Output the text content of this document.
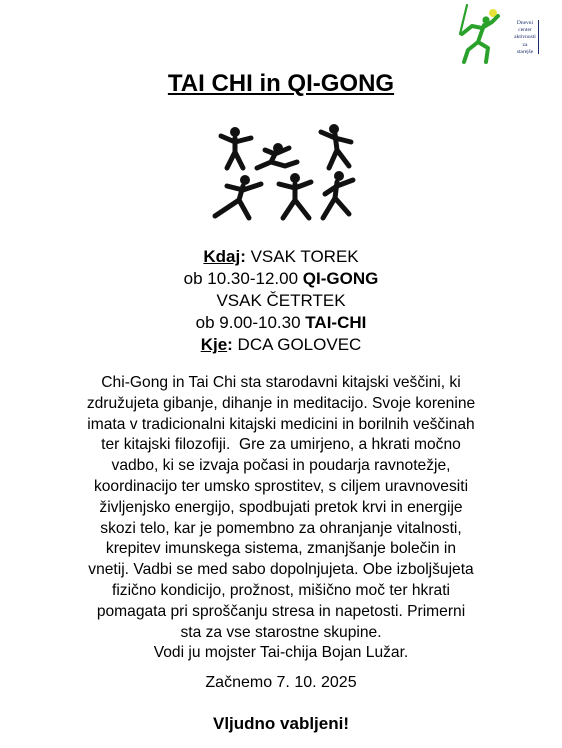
Dnevni
center
aktivnosti
za
starejše
TAI CHI in QI-GONG
Kdaj: VSAK TOREK
ob 10.30-12.00 QI-GONG
VSAK ČETRTEK
ob 9.00-10.30 TAI-CHI
Kje: DCA GOLOVEC
Chi-Gong in Tai Chi sta starodavni kitajski veščini, ki
združujeta gibanje, dihanje in meditacijo. Svoje korenine
imata v tradicionalni kitajski medicini in borilnih veščinah
ter kitajski filozofiji.  Gre za umirjeno, a hkrati močno
vadbo, ki se izvaja počasi in poudarja ravnotežje,
koordinacijo ter umsko sprostitev, s ciljem uravnovesiti
življenjsko energijo, spodbujati pretok krvi in energije
skozi telo, kar je pomembno za ohranjanje vitalnosti,
krepitev imunskega sistema, zmanjšanje bolečin in
vnetij. Vadbi se med sabo dopolnjujeta. Obe izboljšujeta
fizično kondicijo, prožnost, mišično moč ter hkrati
pomagata pri sproščanju stresa in napetosti. Primerni
sta za vse starostne skupine.
Vodi ju mojster Tai-chija Bojan Lužar.
Začnemo 7. 10. 2025
Vljudno vabljeni!
